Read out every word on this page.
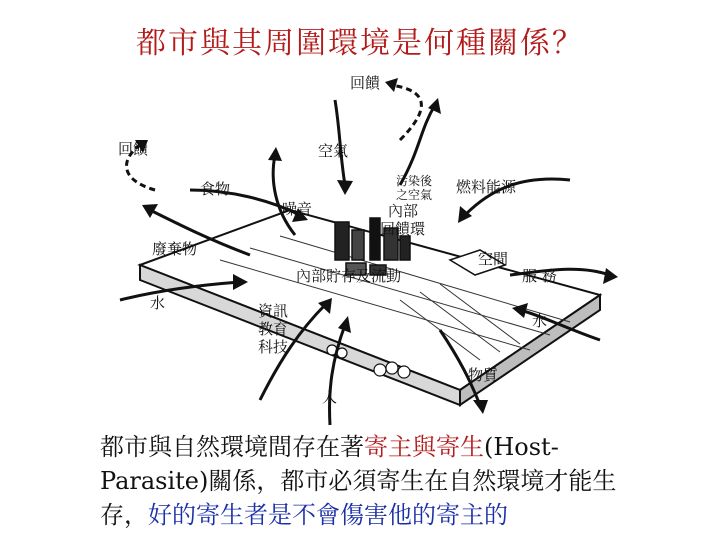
都市與其周圍環境是何種關係？
回饋
回饋	空氣
食物
噪音
污染後
之空氣 燃料能源
內部
回饋環
廢棄物
空間
服 務
內部貯存及流動
水
水
資訊
教育
科技
人
物質
都市與自然環境間存在著寄主與寄生(Host-Parasite)關係，都市必須寄生在自然環境才能生存，好的寄生者是不會傷害他的寄主的
